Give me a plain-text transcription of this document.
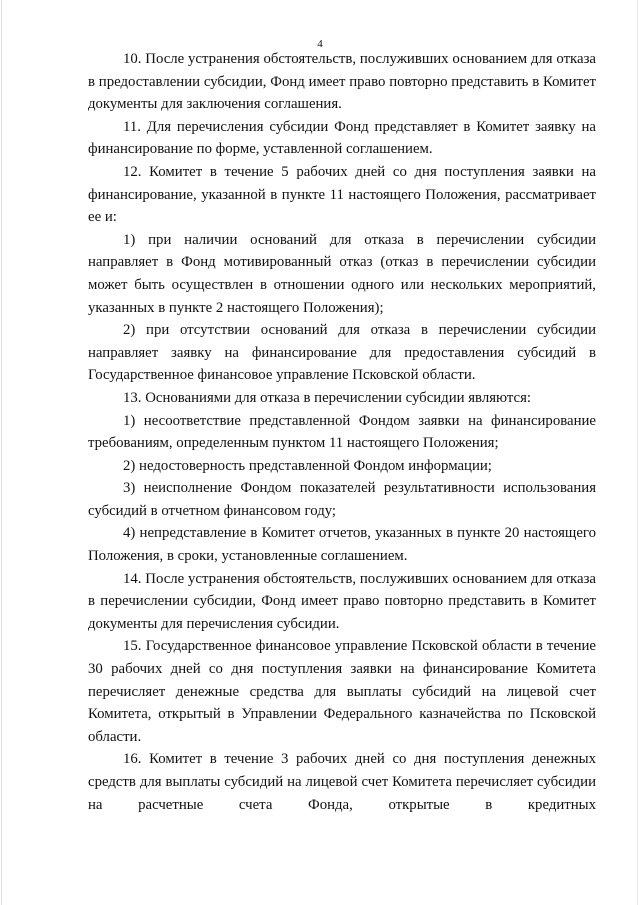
4

10. После устранения обстоятельств, послуживших основанием для отказа в предоставлении субсидии, Фонд имеет право повторно представить в Комитет документы для заключения соглашения.

11. Для перечисления субсидии Фонд представляет в Комитет заявку на финансирование по форме, уставленной соглашением.

12. Комитет в течение 5 рабочих дней со дня поступления заявки на финансирование, указанной в пункте 11 настоящего Положения, рассматривает ее и:

1) при наличии оснований для отказа в перечислении субсидии направляет в Фонд мотивированный отказ (отказ в перечислении субсидии может быть осуществлен в отношении одного или нескольких мероприятий, указанных в пункте 2 настоящего Положения);

2) при отсутствии оснований для отказа в перечислении субсидии направляет заявку на финансирование для предоставления субсидий в Государственное финансовое управление Псковской области.

13. Основаниями для отказа в перечислении субсидии являются:

1) несоответствие представленной Фондом заявки на финансирование требованиям, определенным пунктом 11 настоящего Положения;

2) недостоверность представленной Фондом информации;

3) неисполнение Фондом показателей результативности использования субсидий в отчетном финансовом году;

4) непредставление в Комитет отчетов, указанных в пункте 20 настоящего Положения, в сроки, установленные соглашением.

14. После устранения обстоятельств, послуживших основанием для отказа в перечислении субсидии, Фонд имеет право повторно представить в Комитет документы для перечисления субсидии.

15. Государственное финансовое управление Псковской области в течение 30 рабочих дней со дня поступления заявки на финансирование Комитета перечисляет денежные средства для выплаты субсидий на лицевой счет Комитета, открытый в Управлении Федерального казначейства по Псковской области.

16. Комитет в течение 3 рабочих дней со дня поступления денежных средств для выплаты субсидий на лицевой счет Комитета перечисляет субсидии на расчетные счета Фонда, открытые в кредитных
